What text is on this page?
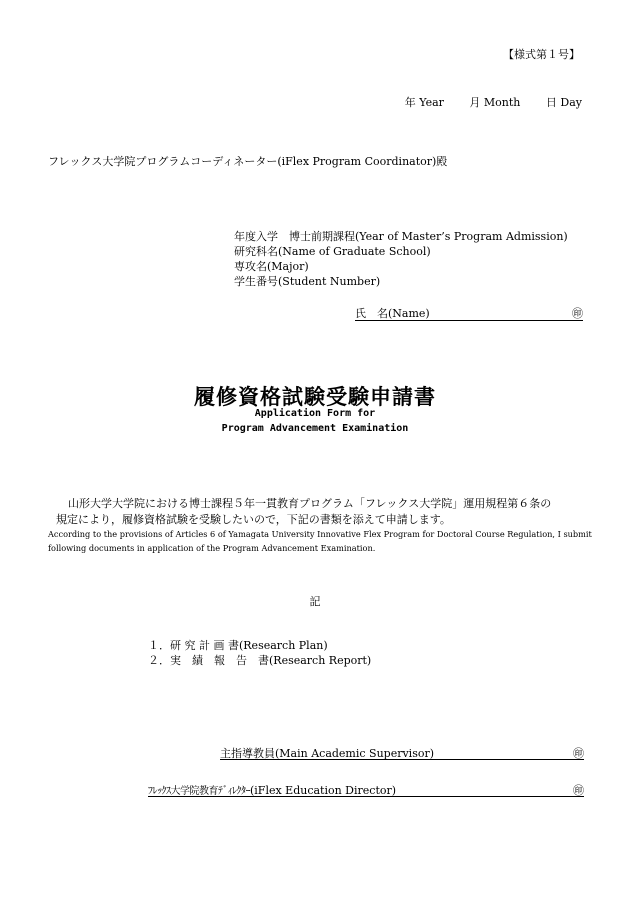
【様式第１号】
年 Year 月 Month 日 Day
フレックス大学院プログラムコーディネーター(iFlex Program Coordinator)殿
年度入学　博士前期課程(Year of Master’s Program Admission)
研究科名(Name of Graduate School)
専攻名(Major)
学生番号(Student Number)
氏　名(Name)	㊞
履修資格試験受験申請書
Application Form for
Program Advancement Examination
山形大学大学院における博士課程５年一貫教育プログラム「フレックス大学院」運用規程第６条の
規定により，履修資格試験を受験したいので，下記の書類を添えて申請します。
According to the provisions of Articles 6 of Yamagata University Innovative Flex Program for Doctoral Course Regulation, I submit following documents in application of the Program Advancement Examination.
記
１．研 究 計 画 書(Research Plan)
２．実　績　報　告　書(Research Report)
主指導教員(Main Academic Supervisor)	㊞
ﾌﾚｯｸｽ大学院教育ﾃﾞｨﾚｸﾀｰ(iFlex Education Director)	㊞
